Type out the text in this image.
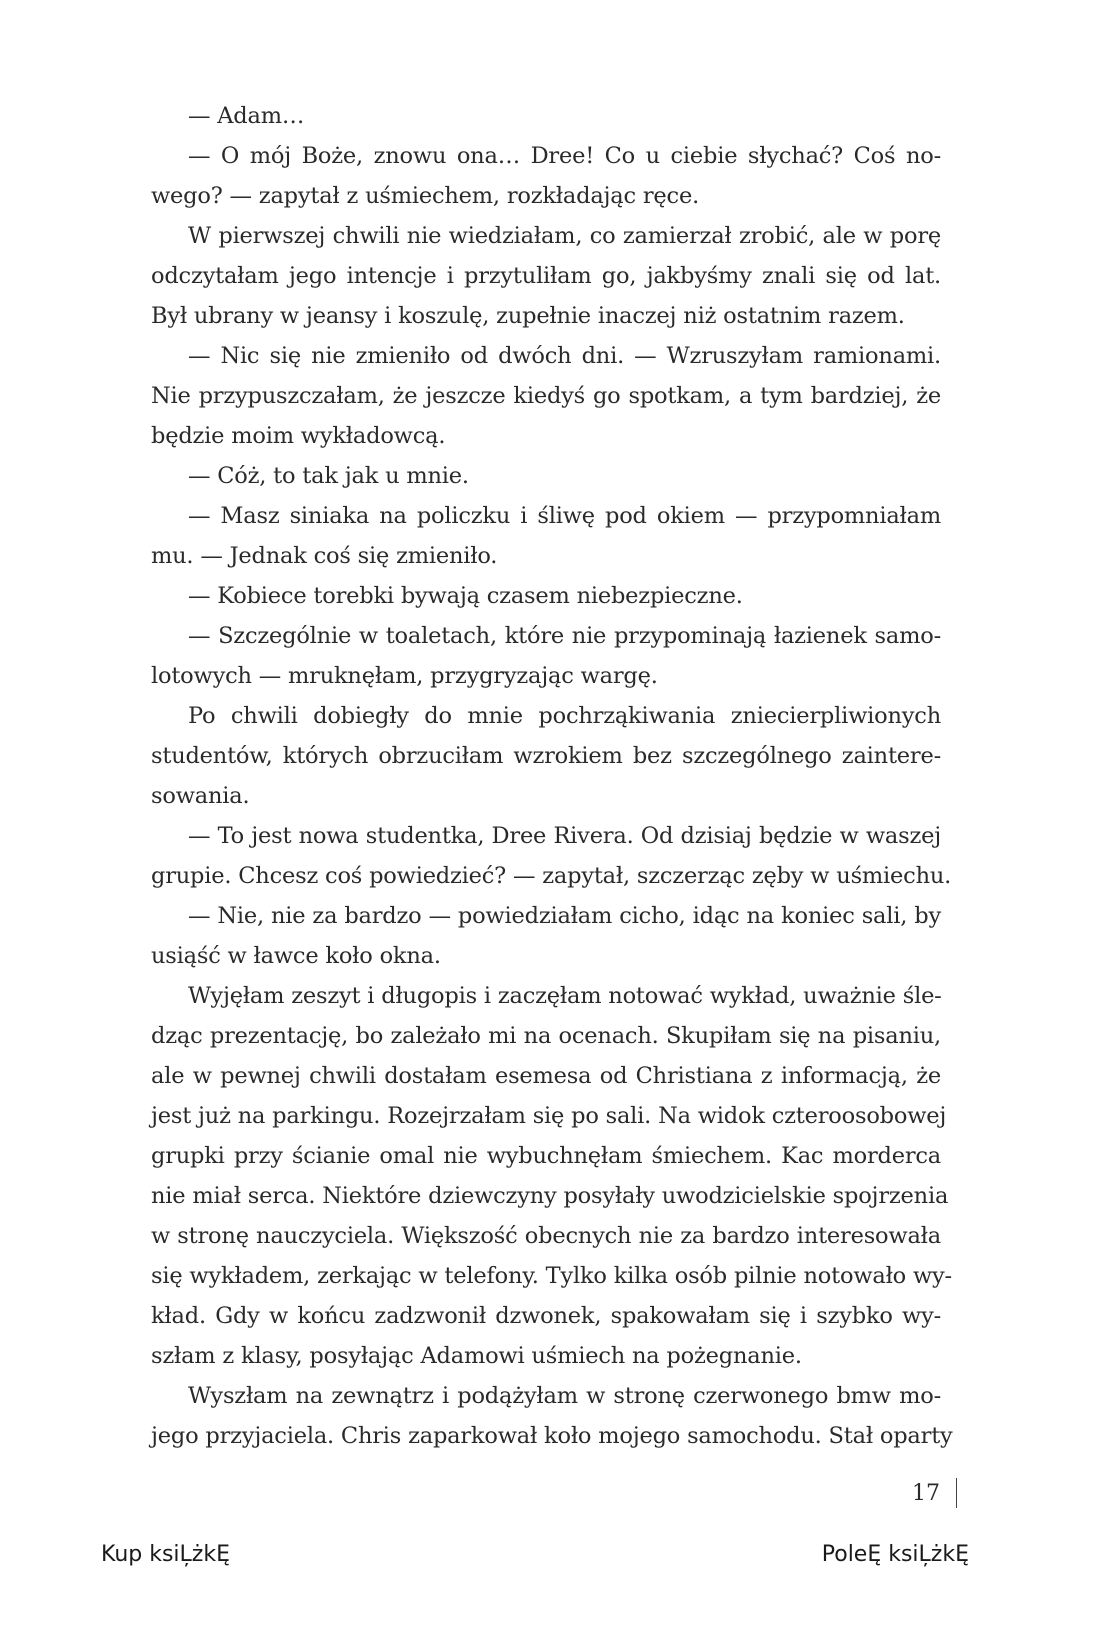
— Adam…
— O mój Boże, znowu ona… Dree! Co u ciebie słychać? Coś no-
wego? — zapytał z uśmiechem, rozkładając ręce.
W pierwszej chwili nie wiedziałam, co zamierzał zrobić, ale w porę
odczytałam jego intencje i przytuliłam go, jakbyśmy znali się od lat.
Był ubrany w jeansy i koszulę, zupełnie inaczej niż ostatnim razem.
— Nic się nie zmieniło od dwóch dni. — Wzruszyłam ramionami.
Nie przypuszczałam, że jeszcze kiedyś go spotkam, a tym bardziej, że
będzie moim wykładowcą.
— Cóż, to tak jak u mnie.
— Masz siniaka na policzku i śliwę pod okiem — przypomniałam
mu. — Jednak coś się zmieniło.
— Kobiece torebki bywają czasem niebezpieczne.
— Szczególnie w toaletach, które nie przypominają łazienek samo-
lotowych — mruknęłam, przygryzając wargę.
Po chwili dobiegły do mnie pochrząkiwania zniecierpliwionych
studentów, których obrzuciłam wzrokiem bez szczególnego zaintere-
sowania.
— To jest nowa studentka, Dree Rivera. Od dzisiaj będzie w waszej
grupie. Chcesz coś powiedzieć? — zapytał, szczerząc zęby w uśmiechu.
— Nie, nie za bardzo — powiedziałam cicho, idąc na koniec sali, by
usiąść w ławce koło okna.
Wyjęłam zeszyt i długopis i zaczęłam notować wykład, uważnie śle-
dząc prezentację, bo zależało mi na ocenach. Skupiłam się na pisaniu,
ale w pewnej chwili dostałam esemesa od Christiana z informacją, że
jest już na parkingu. Rozejrzałam się po sali. Na widok czteroosobowej
grupki przy ścianie omal nie wybuchnęłam śmiechem. Kac morderca
nie miał serca. Niektóre dziewczyny posyłały uwodzicielskie spojrzenia
w stronę nauczyciela. Większość obecnych nie za bardzo interesowała
się wykładem, zerkając w telefony. Tylko kilka osób pilnie notowało wy-
kład. Gdy w końcu zadzwonił dzwonek, spakowałam się i szybko wy-
szłam z klasy, posyłając Adamowi uśmiech na pożegnanie.
Wyszłam na zewnątrz i podążyłam w stronę czerwonego bmw mo-
jego przyjaciela. Chris zaparkował koło mojego samochodu. Stał oparty
17
Kup ksiĻżkĘ	PoleĘ ksiĻżkĘ
